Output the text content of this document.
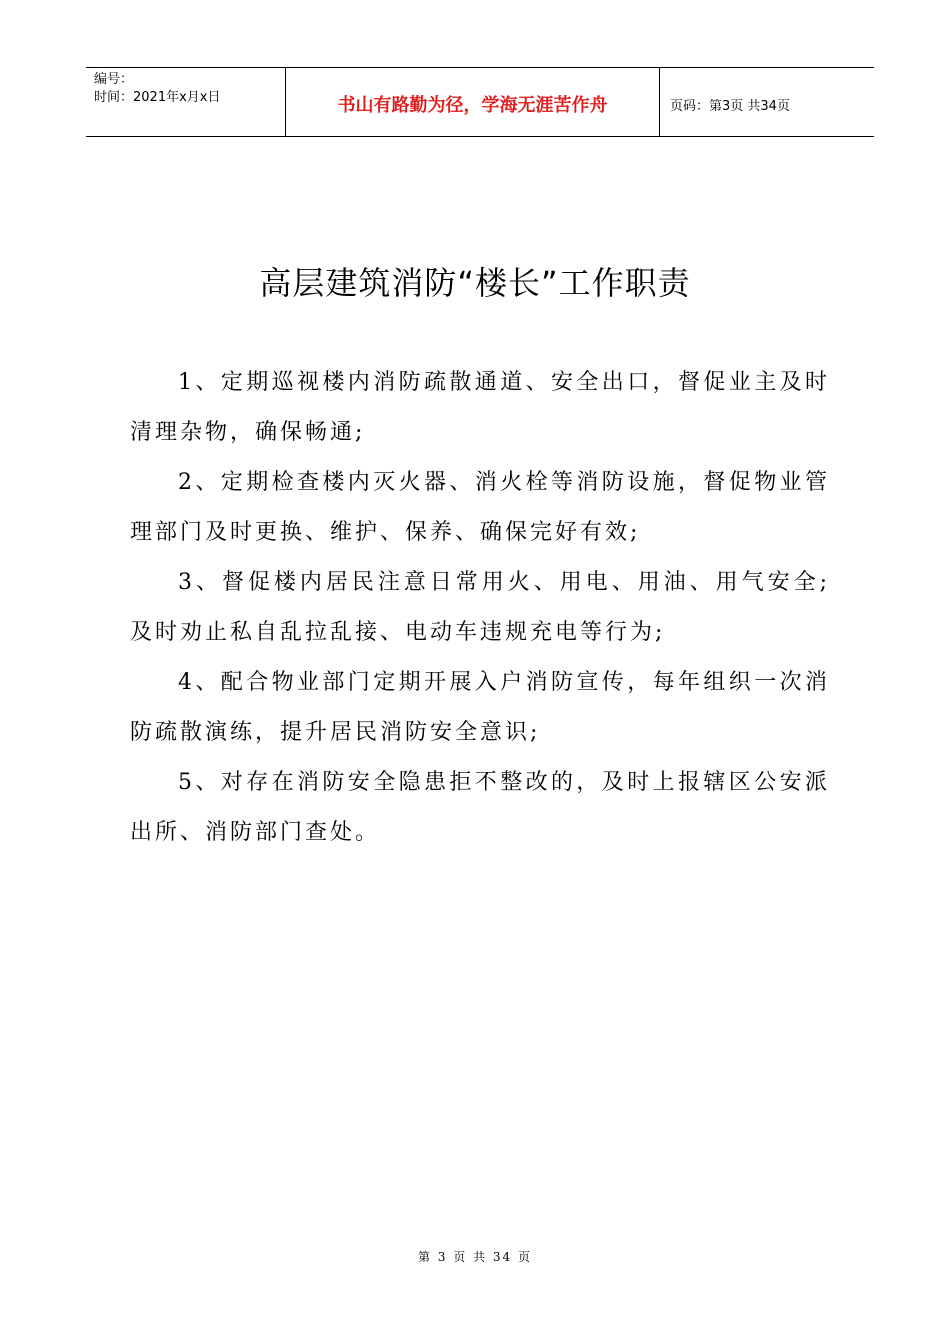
编号：
时间：2021年x月x日	书山有路勤为径，学海无涯苦作舟	页码：第3页 共34页
高层建筑消防“楼长”工作职责

1、定期巡视楼内消防疏散通道、安全出口，督促业主及时清理杂物，确保畅通;

2、定期检查楼内灭火器、消火栓等消防设施，督促物业管理部门及时更换、维护、保养、确保完好有效;

3、督促楼内居民注意日常用火、用电、用油、用气安全;及时劝止私自乱拉乱接、电动车违规充电等行为;

4、配合物业部门定期开展入户消防宣传，每年组织一次消防疏散演练，提升居民消防安全意识;

5、对存在消防安全隐患拒不整改的，及时上报辖区公安派出所、消防部门查处。

第 3 页 共 34 页
